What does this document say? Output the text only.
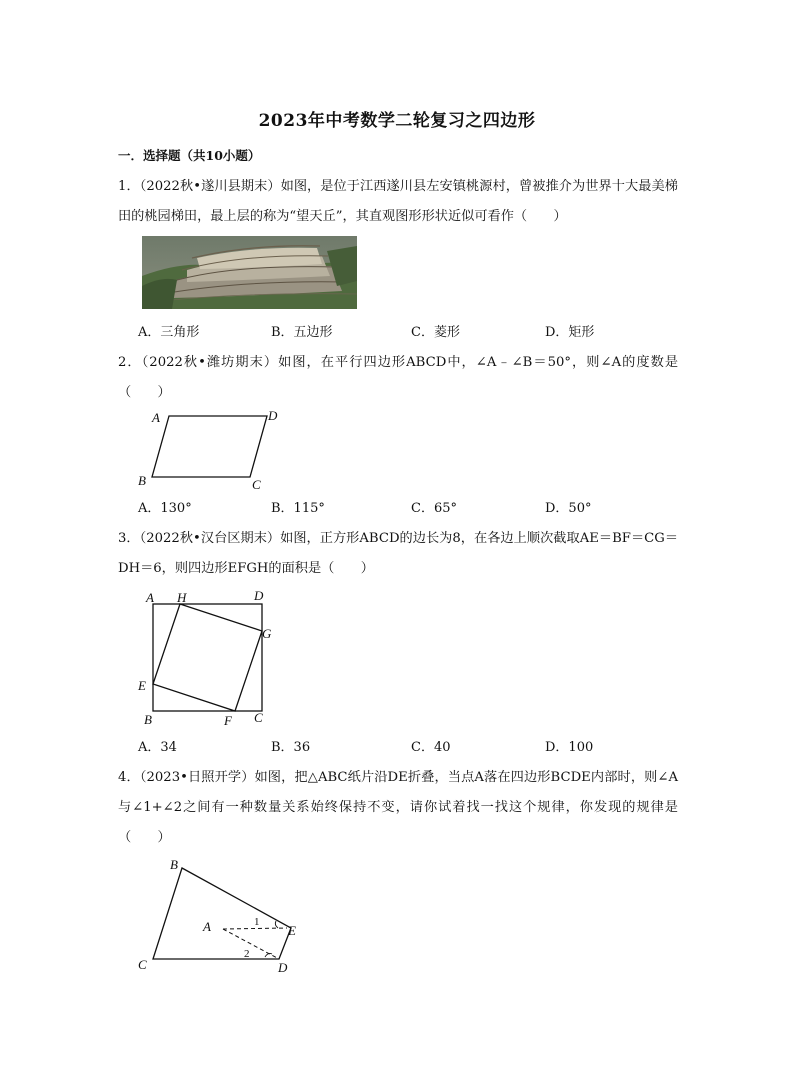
2023年中考数学二轮复习之四边形
一．选择题（共10小题）
1．（2022秋•遂川县期末）如图，是位于江西遂川县左安镇桃源村，曾被推介为世界十大最美梯田的桃园梯田，最上层的称为“望天丘”，其直观图形形状近似可看作（　　）
A．三角形	B．五边形	C．菱形	D．矩形
2．（2022秋•潍坊期末）如图，在平行四边形ABCD中，∠A﹣∠B＝50°，则∠A的度数是（　　）
A	D
B	C
A．130°	B．115°	C．65°	D．50°
3．（2022秋•汉台区期末）如图，正方形ABCD的边长为8，在各边上顺次截取AE＝BF＝CG＝DH＝6，则四边形EFGH的面积是（　　）
A H	D
G
E
B	F C
A．34	B．36	C．40	D．100
4．（2023•日照开学）如图，把△ABC纸片沿DE折叠，当点A落在四边形BCDE内部时，则∠A与∠1+∠2之间有一种数量关系始终保持不变，请你试着找一找这个规律，你发现的规律是（　　）
B
A	E
C	D
1
2
